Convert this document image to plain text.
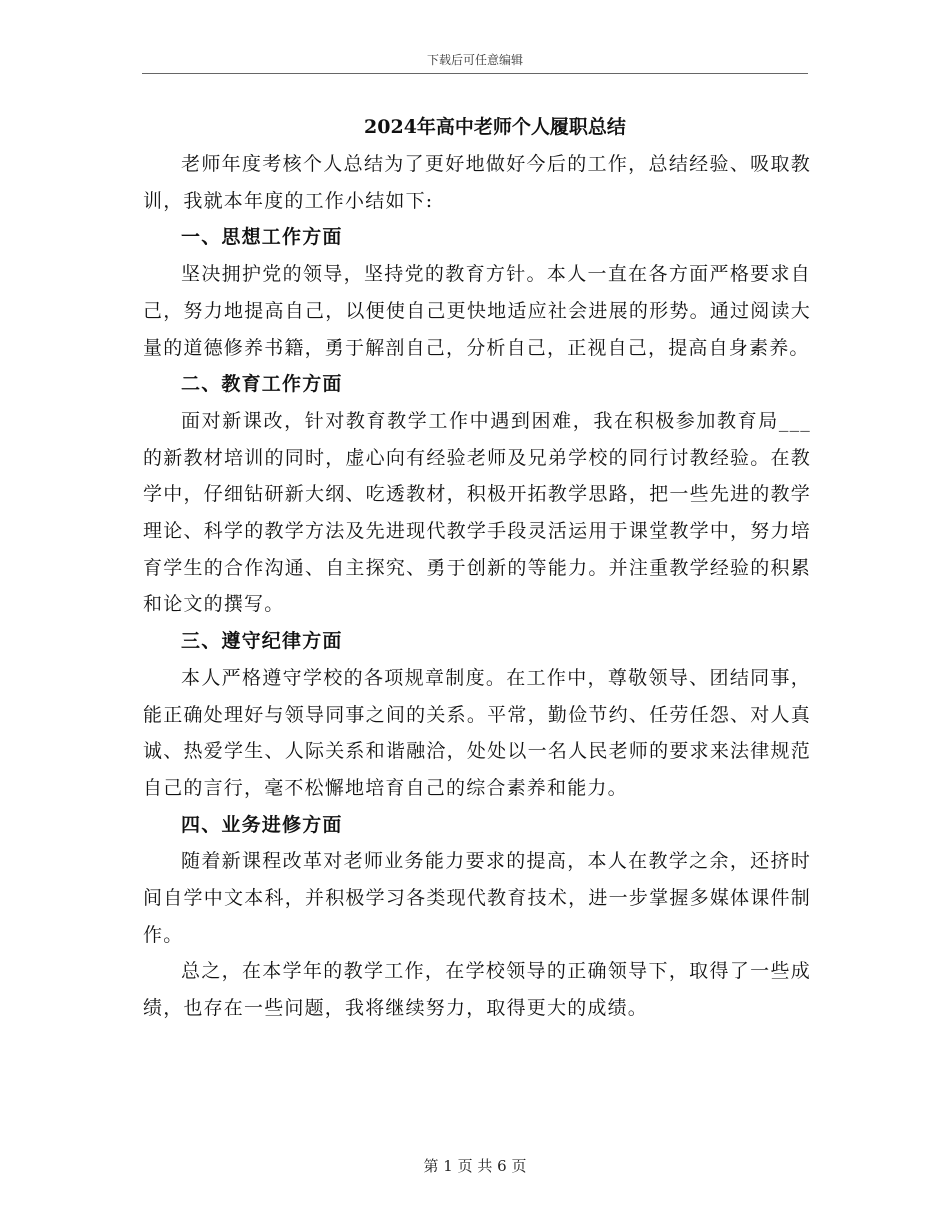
下载后可任意编辑
2024年高中老师个人履职总结

老师年度考核个人总结为了更好地做好今后的工作，总结经验、吸取教训，我就本年度的工作小结如下:

一、思想工作方面

坚决拥护党的领导，坚持党的教育方针。本人一直在各方面严格要求自己，努力地提高自己，以便使自己更快地适应社会进展的形势。通过阅读大量的道德修养书籍，勇于解剖自己，分析自己，正视自己，提高自身素养。

二、教育工作方面

面对新课改，针对教育教学工作中遇到困难，我在积极参加教育局___的新教材培训的同时，虚心向有经验老师及兄弟学校的同行讨教经验。在教学中，仔细钻研新大纲、吃透教材，积极开拓教学思路，把一些先进的教学理论、科学的教学方法及先进现代教学手段灵活运用于课堂教学中，努力培育学生的合作沟通、自主探究、勇于创新的等能力。并注重教学经验的积累和论文的撰写。

三、遵守纪律方面

本人严格遵守学校的各项规章制度。在工作中，尊敬领导、团结同事，能正确处理好与领导同事之间的关系。平常，勤俭节约、任劳任怨、对人真诚、热爱学生、人际关系和谐融洽，处处以一名人民老师的要求来法律规范自己的言行，毫不松懈地培育自己的综合素养和能力。

四、业务进修方面

随着新课程改革对老师业务能力要求的提高，本人在教学之余，还挤时间自学中文本科，并积极学习各类现代教育技术，进一步掌握多媒体课件制作。

总之，在本学年的教学工作，在学校领导的正确领导下，取得了一些成绩，也存在一些问题，我将继续努力，取得更大的成绩。

第 1 页 共 6 页
